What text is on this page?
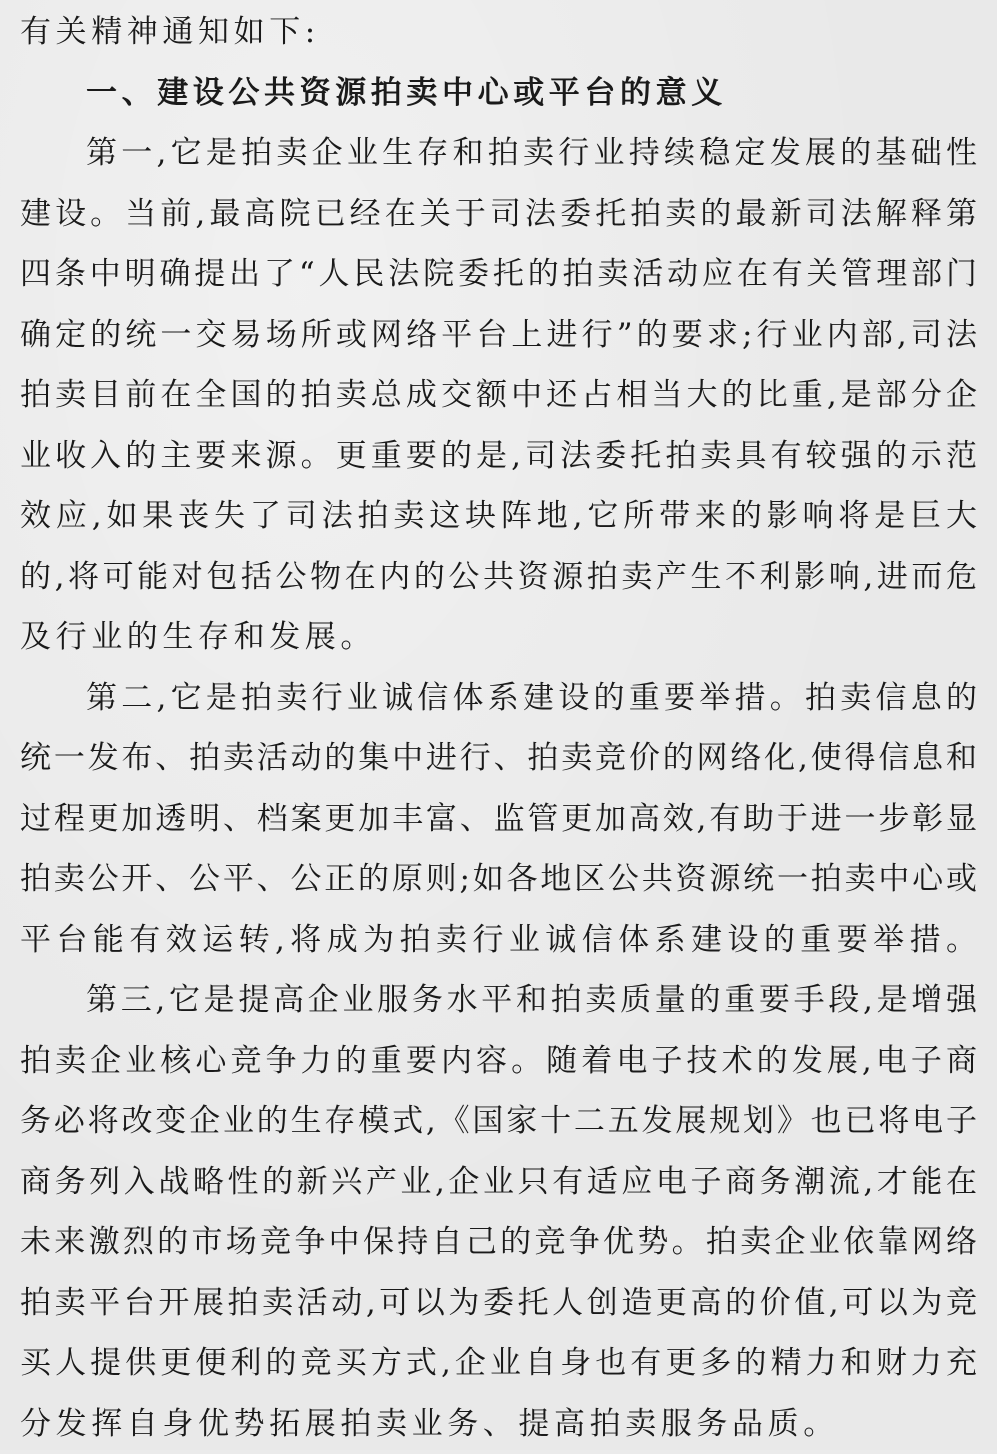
有关精神通知如下:
一、建设公共资源拍卖中心或平台的意义
第一,它是拍卖企业生存和拍卖行业持续稳定发展的基础性
建设。当前,最高院已经在关于司法委托拍卖的最新司法解释第
四条中明确提出了“人民法院委托的拍卖活动应在有关管理部门
确定的统一交易场所或网络平台上进行”的要求;行业内部,司法
拍卖目前在全国的拍卖总成交额中还占相当大的比重,是部分企
业收入的主要来源。更重要的是,司法委托拍卖具有较强的示范
效应,如果丧失了司法拍卖这块阵地,它所带来的影响将是巨大
的,将可能对包括公物在内的公共资源拍卖产生不利影响,进而危
及行业的生存和发展。
第二,它是拍卖行业诚信体系建设的重要举措。拍卖信息的
统一发布、拍卖活动的集中进行、拍卖竞价的网络化,使得信息和
过程更加透明、档案更加丰富、监管更加高效,有助于进一步彰显
拍卖公开、公平、公正的原则;如各地区公共资源统一拍卖中心或
平台能有效运转,将成为拍卖行业诚信体系建设的重要举措。
第三,它是提高企业服务水平和拍卖质量的重要手段,是增强
拍卖企业核心竞争力的重要内容。随着电子技术的发展,电子商
务必将改变企业的生存模式,《国家十二五发展规划》也已将电子
商务列入战略性的新兴产业,企业只有适应电子商务潮流,才能在
未来激烈的市场竞争中保持自己的竞争优势。拍卖企业依靠网络
拍卖平台开展拍卖活动,可以为委托人创造更高的价值,可以为竞
买人提供更便利的竞买方式,企业自身也有更多的精力和财力充
分发挥自身优势拓展拍卖业务、提高拍卖服务品质。
